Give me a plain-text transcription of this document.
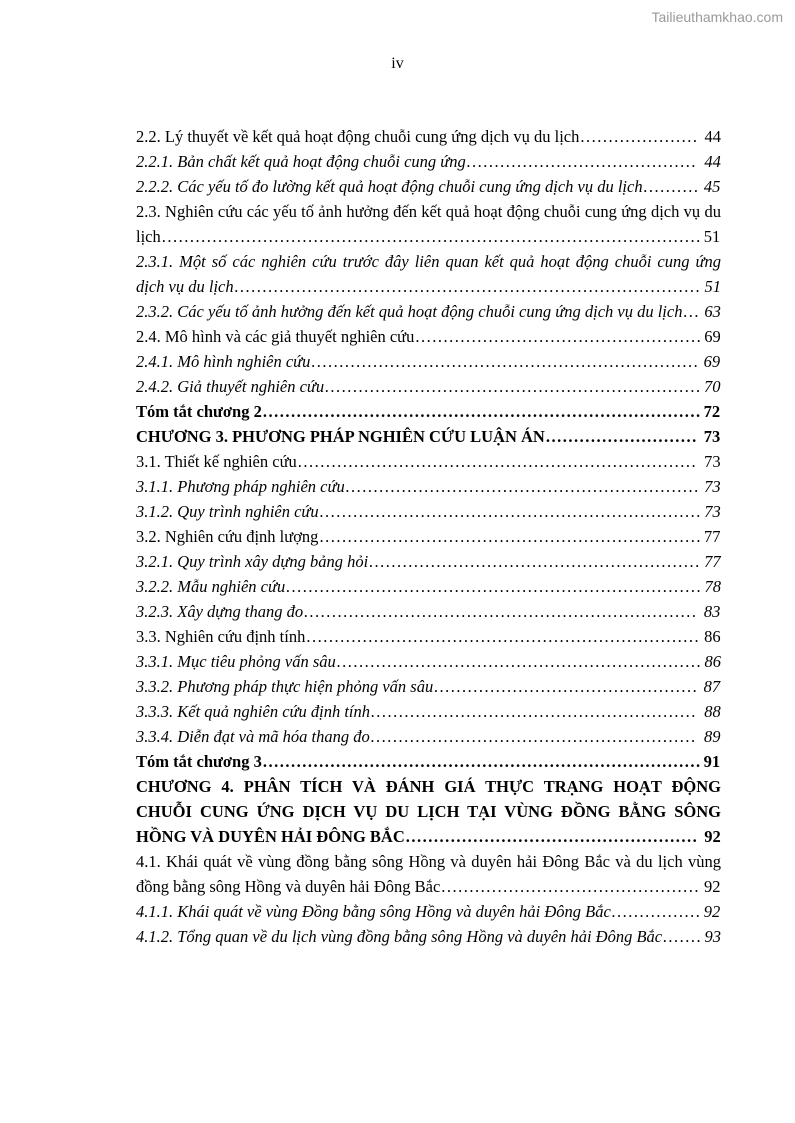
Tailieuthamkhao.com
iv
2.2. Lý thuyết về kết quả hoạt động chuỗi cung ứng dịch vụ du lịch..................... 44
2.2.1. Bản chất kết quả hoạt động chuỗi cung ứng......................................... 44
2.2.2. Các yếu tố đo lường kết quả hoạt động chuỗi cung ứng dịch vụ du lịch.......... 45
2.3. Nghiên cứu các yếu tố ảnh hưởng đến kết quả hoạt động chuỗi cung ứng dịch vụ du lịch................................................................................................ 51
2.3.1. Một số các nghiên cứu trước đây liên quan kết quả hoạt động chuỗi cung ứng dịch vụ du lịch................................................................................... 51
2.3.2. Các yếu tố ảnh hưởng đến kết quả hoạt động chuỗi cung ứng dịch vụ du lịch... 63
2.4. Mô hình và các giả thuyết nghiên cứu................................................... 69
2.4.1. Mô hình nghiên cứu..................................................................... 69
2.4.2. Giả thuyết nghiên cứu................................................................... 70
Tóm tắt chương 2.............................................................................. 72
CHƯƠNG 3. PHƯƠNG PHÁP NGHIÊN CỨU LUẬN ÁN........................... 73
3.1. Thiết kế nghiên cứu....................................................................... 73
3.1.1. Phương pháp nghiên cứu............................................................... 73
3.1.2. Quy trình nghiên cứu.................................................................... 73
3.2. Nghiên cứu định lượng.................................................................... 77
3.2.1. Quy trình xây dựng bảng hỏi........................................................... 77
3.2.2. Mẫu nghiên cứu.......................................................................... 78
3.2.3. Xây dựng thang đo...................................................................... 83
3.3. Nghiên cứu định tính...................................................................... 86
3.3.1. Mục tiêu phỏng vấn sâu................................................................. 86
3.3.2. Phương pháp thực hiện phỏng vấn sâu............................................... 87
3.3.3. Kết quả nghiên cứu định tính.......................................................... 88
3.3.4. Diễn đạt và mã hóa thang đo.......................................................... 89
Tóm tắt chương 3.............................................................................. 91
CHƯƠNG 4. PHÂN TÍCH VÀ ĐÁNH GIÁ THỰC TRẠNG HOẠT ĐỘNG CHUỖI CUNG ỨNG DỊCH VỤ DU LỊCH TẠI VÙNG ĐỒNG BẰNG SÔNG HỒNG VÀ DUYÊN HẢI ĐÔNG BẮC.................................................... 92
4.1. Khái quát về vùng đồng bằng sông Hồng và duyên hải Đông Bắc và du lịch vùng đồng bằng sông Hồng và duyên hải Đông Bắc.............................................. 92
4.1.1. Khái quát về vùng Đồng bằng sông Hồng và duyên hải Đông Bắc................ 92
4.1.2. Tổng quan về du lịch vùng đồng bằng sông Hồng và duyên hải Đông Bắc....... 93
